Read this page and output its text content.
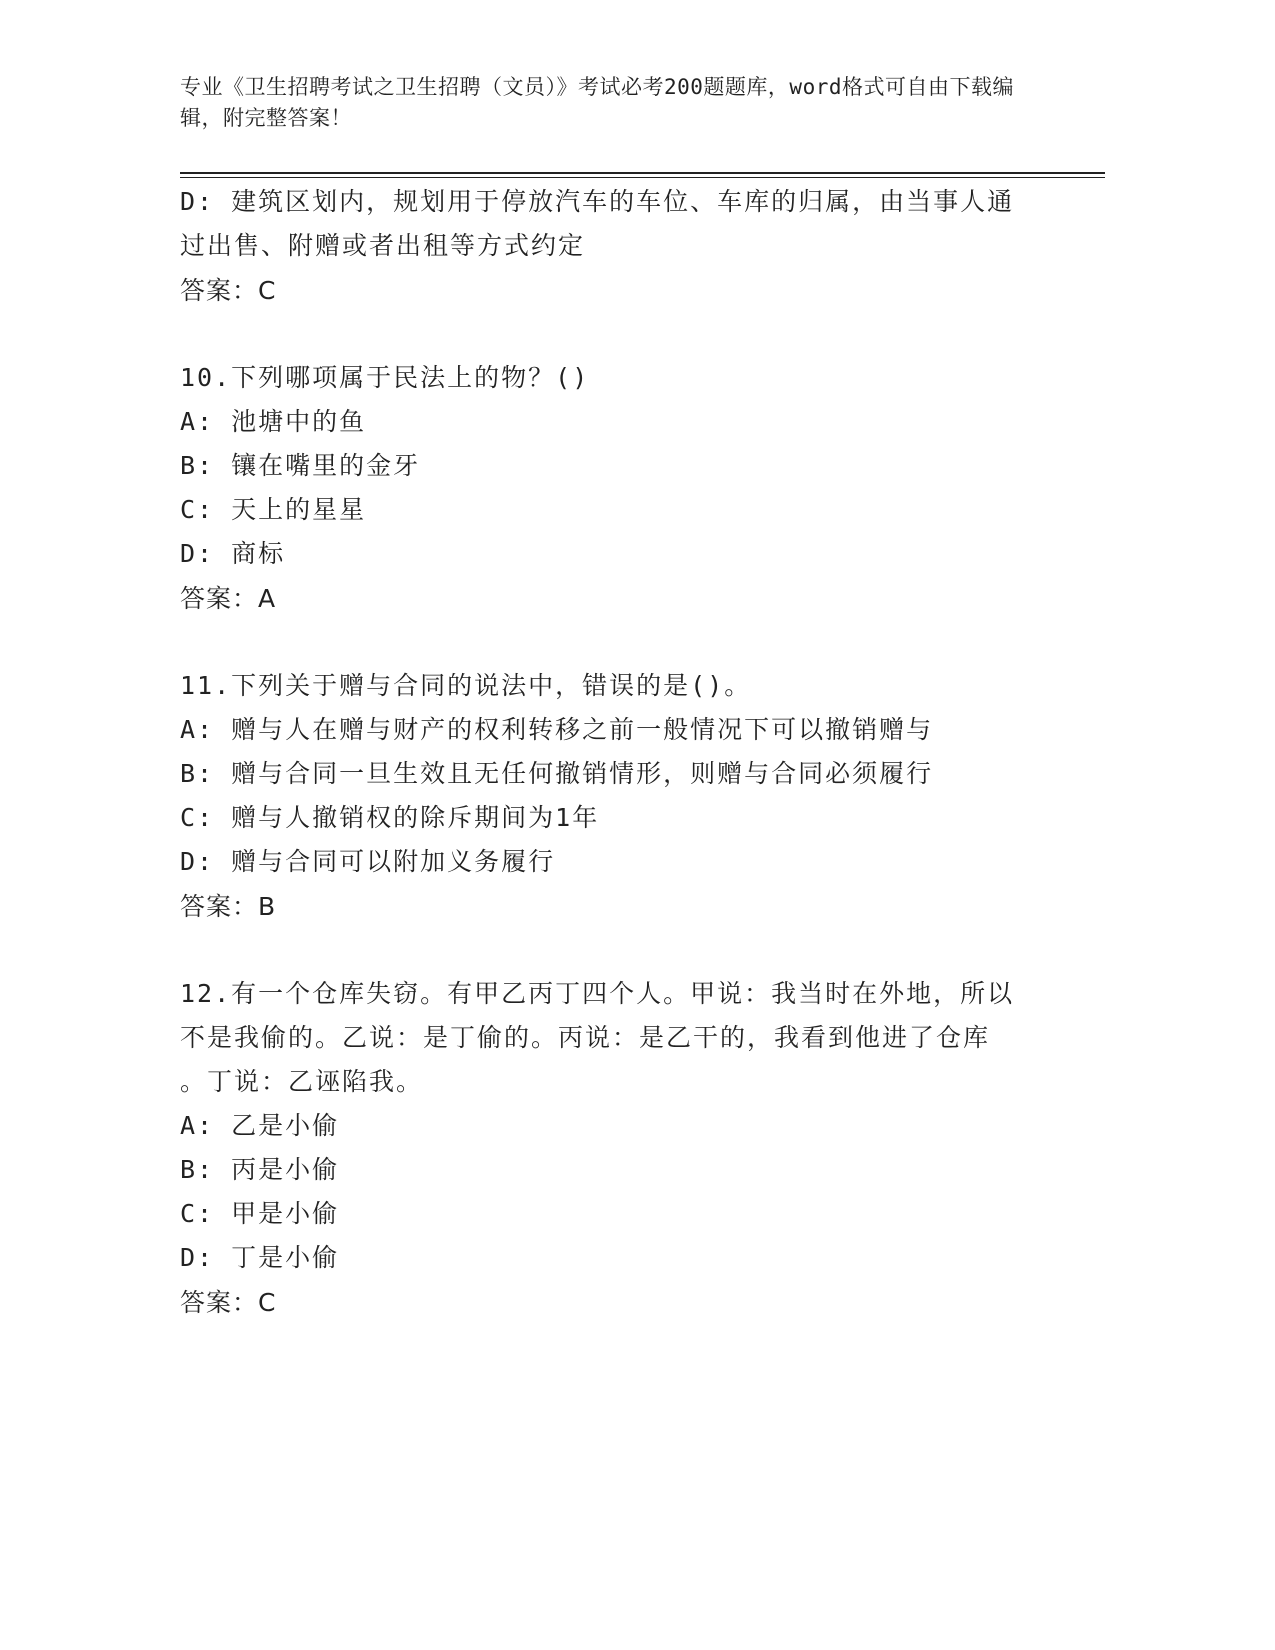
专业《卫生招聘考试之卫生招聘（文员）》考试必考200题题库，word格式可自由下载编辑，附完整答案！
D: 建筑区划内，规划用于停放汽车的车位、车库的归属，由当事人通
过出售、附赠或者出租等方式约定
答案：C
10.下列哪项属于民法上的物？()
A: 池塘中的鱼
B: 镶在嘴里的金牙
C: 天上的星星
D: 商标
答案：A
11.下列关于赠与合同的说法中，错误的是()。
A: 赠与人在赠与财产的权利转移之前一般情况下可以撤销赠与
B: 赠与合同一旦生效且无任何撤销情形，则赠与合同必须履行
C: 赠与人撤销权的除斥期间为1年
D: 赠与合同可以附加义务履行
答案：B
12.有一个仓库失窃。有甲乙丙丁四个人。甲说：我当时在外地，所以
不是我偷的。乙说：是丁偷的。丙说：是乙干的，我看到他进了仓库
。丁说：乙诬陷我。
A: 乙是小偷
B: 丙是小偷
C: 甲是小偷
D: 丁是小偷
答案：C
